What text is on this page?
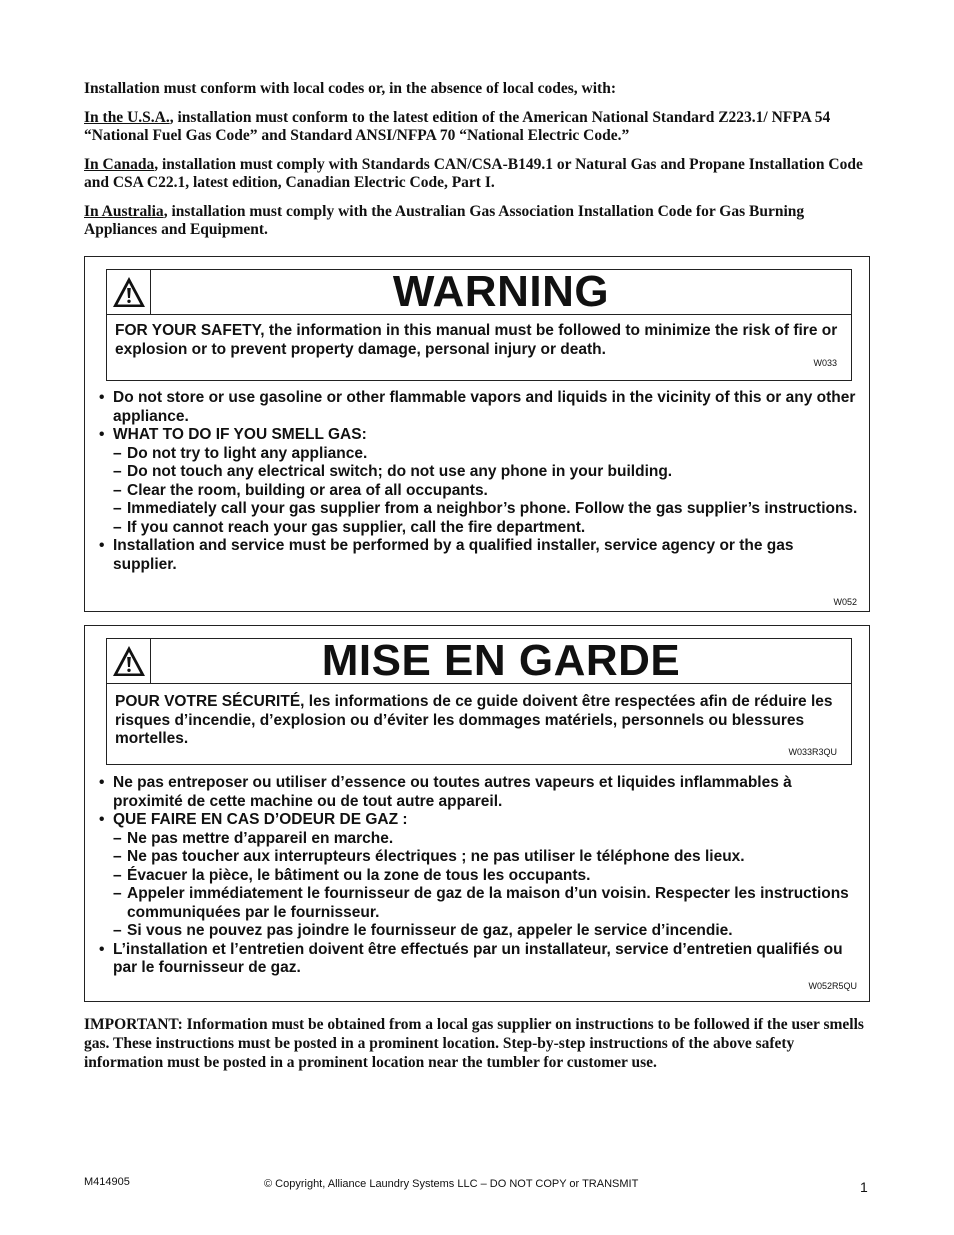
Installation must conform with local codes or, in the absence of local codes, with:

In the U.S.A., installation must conform to the latest edition of the American National Standard Z223.1/ NFPA 54 “National Fuel Gas Code” and Standard ANSI/NFPA 70 “National Electric Code.”

In Canada, installation must comply with Standards CAN/CSA-B149.1 or Natural Gas and Propane Installation Code and CSA C22.1, latest edition, Canadian Electric Code, Part I.

In Australia, installation must comply with the Australian Gas Association Installation Code for Gas Burning Appliances and Equipment.

WARNING
FOR YOUR SAFETY, the information in this manual must be followed to minimize the risk of fire or explosion or to prevent property damage, personal injury or death.
W033
• Do not store or use gasoline or other flammable vapors and liquids in the vicinity of this or any other appliance.
• WHAT TO DO IF YOU SMELL GAS:
– Do not try to light any appliance.
– Do not touch any electrical switch; do not use any phone in your building.
– Clear the room, building or area of all occupants.
– Immediately call your gas supplier from a neighbor’s phone. Follow the gas supplier’s instructions.
– If you cannot reach your gas supplier, call the fire department.
• Installation and service must be performed by a qualified installer, service agency or the gas supplier.
W052
MISE EN GARDE
POUR VOTRE SÉCURITÉ, les informations de ce guide doivent être respectées afin de réduire les risques d’incendie, d’explosion ou d’éviter les dommages matériels, personnels ou blessures mortelles.
W033R3QU
• Ne pas entreposer ou utiliser d’essence ou toutes autres vapeurs et liquides inflammables à proximité de cette machine ou de tout autre appareil.
• QUE FAIRE EN CAS D’ODEUR DE GAZ :
– Ne pas mettre d’appareil en marche.
– Ne pas toucher aux interrupteurs électriques ; ne pas utiliser le téléphone des lieux.
– Évacuer la pièce, le bâtiment ou la zone de tous les occupants.
– Appeler immédiatement le fournisseur de gaz de la maison d’un voisin. Respecter les instructions communiquées par le fournisseur.
– Si vous ne pouvez pas joindre le fournisseur de gaz, appeler le service d’incendie.
• L’installation et l’entretien doivent être effectués par un installateur, service d’entretien qualifiés ou par le fournisseur de gaz.
W052R5QU
IMPORTANT: Information must be obtained from a local gas supplier on instructions to be followed if the user smells gas. These instructions must be posted in a prominent location. Step-by-step instructions of the above safety information must be posted in a prominent location near the tumbler for customer use.
M414905	© Copyright, Alliance Laundry Systems LLC – DO NOT COPY or TRANSMIT	1
